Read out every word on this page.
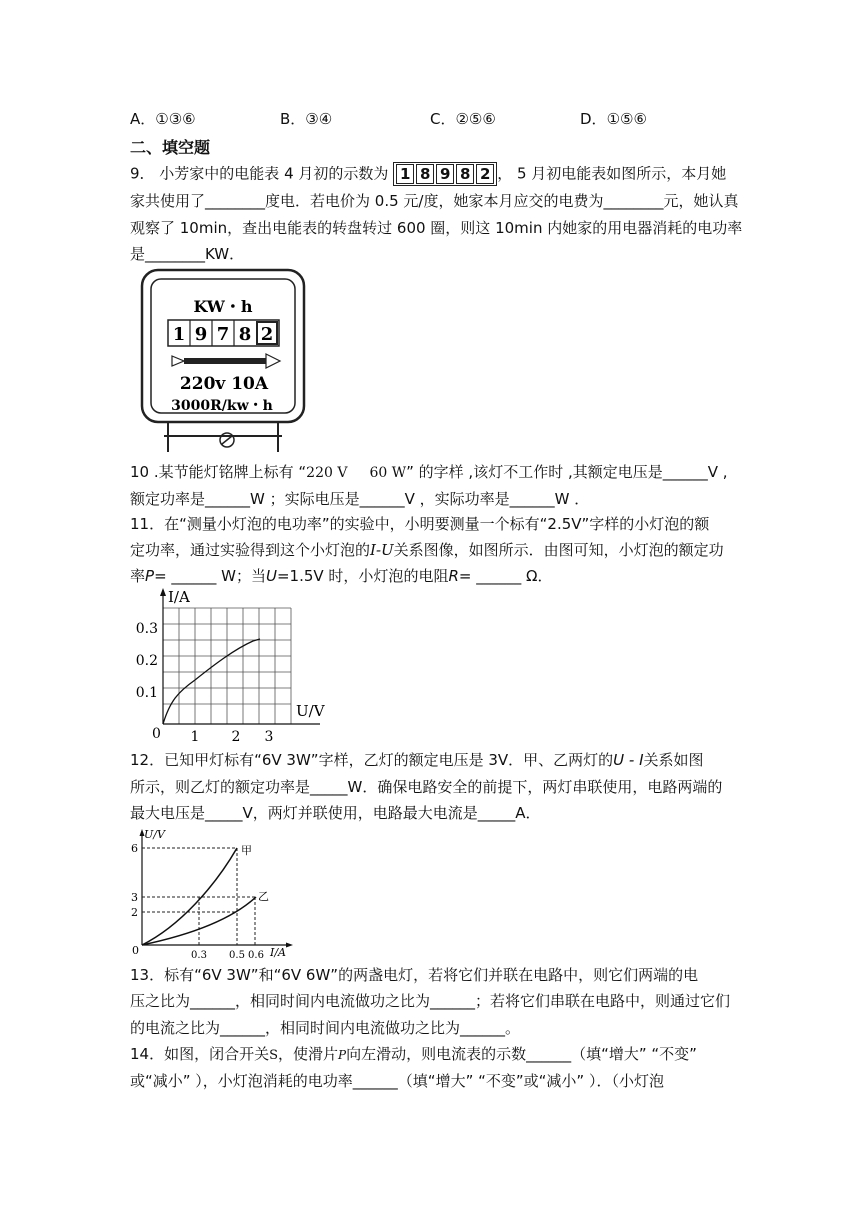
A．①③⑥	B．③④	C．②⑤⑥	D．①⑤⑥
二、填空题
9． 小芳家中的电能表 4 月初的示数为 1 8 9 8 2 ， 5 月初电能表如图所示，本月她
家共使用了________度电．若电价为 0.5 元/度，她家本月应交的电费为________元，她认真
观察了 10min，查出电能表的转盘转过 600 圈，则这 10min 内她家的用电器消耗的电功率
是________KW．
KW・h
1 9 7 8 2
220v 10A
3000R/kw・h
10 .某节能灯铭牌上标有 “220 V 60 W” 的字样 ,该灯不工作时 ,其额定电压是______V ,
额定功率是______W ；实际电压是______V ，实际功率是______W ．
11．在“测量小灯泡的电功率”的实验中，小明要测量一个标有“2.5V”字样的小灯泡的额
定功率，通过实验得到这个小灯泡的I-U关系图像，如图所示．由图可知，小灯泡的额定功
率P= ______ W；当U=1.5V 时，小灯泡的电阻R= ______ Ω．
I/A
U/V
0
0.1
0.2
0.3
1 2 3
12．已知甲灯标有“6V 3W”字样，乙灯的额定电压是 3V．甲、乙两灯的U - I关系如图
所示，则乙灯的额定功率是_____W．确保电路安全的前提下，两灯串联使用，电路两端的
最大电压是_____V，两灯并联使用，电路最大电流是_____A．
U/V
I/A
0
6
3
2
0.3 0.5 0.6
甲
乙
13．标有“6V 3W”和“6V 6W”的两盏电灯，若将它们并联在电路中，则它们两端的电
压之比为______，相同时间内电流做功之比为______；若将它们串联在电路中，则通过它们
的电流之比为______，相同时间内电流做功之比为______。
14．如图，闭合开关S，使滑片P向左滑动，则电流表的示数______（填“增大” “不变”
或“减小” ），小灯泡消耗的电功率______（填“增大” “不变”或“减小” ）．（小灯泡
